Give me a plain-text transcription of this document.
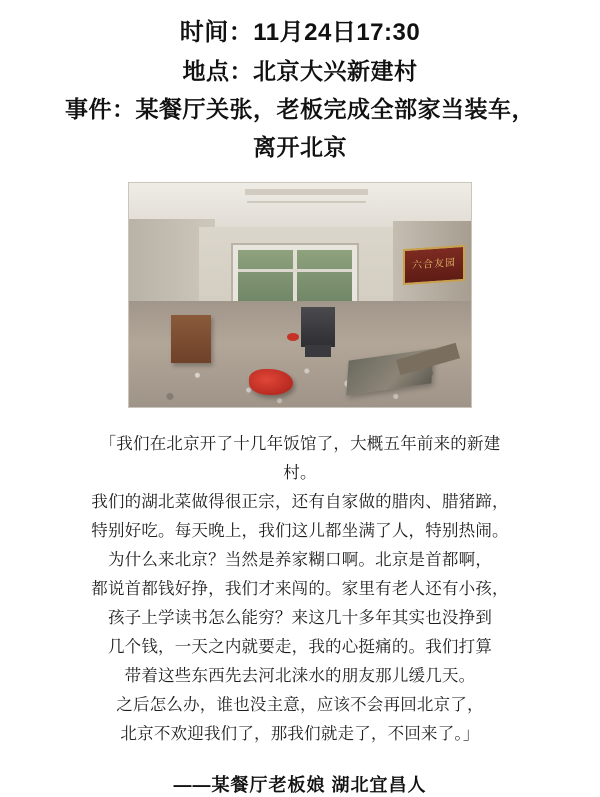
时间：11月24日17:30
地点：北京大兴新建村
事件：某餐厅关张，老板完成全部家当装车，
离开北京
六合友园

「我们在北京开了十几年饭馆了，大概五年前来的新建村。

我们的湖北菜做得很正宗，还有自家做的腊肉、腊猪蹄，

特别好吃。每天晚上，我们这儿都坐满了人，特别热闹。

为什么来北京？当然是养家糊口啊。北京是首都啊，

都说首都钱好挣，我们才来闯的。家里有老人还有小孩，

孩子上学读书怎么能穷？来这几十多年其实也没挣到

几个钱，一天之内就要走，我的心挺痛的。我们打算

带着这些东西先去河北涞水的朋友那儿缓几天。

之后怎么办，谁也没主意，应该不会再回北京了，

北京不欢迎我们了，那我们就走了，不回来了。」

——某餐厅老板娘 湖北宜昌人
